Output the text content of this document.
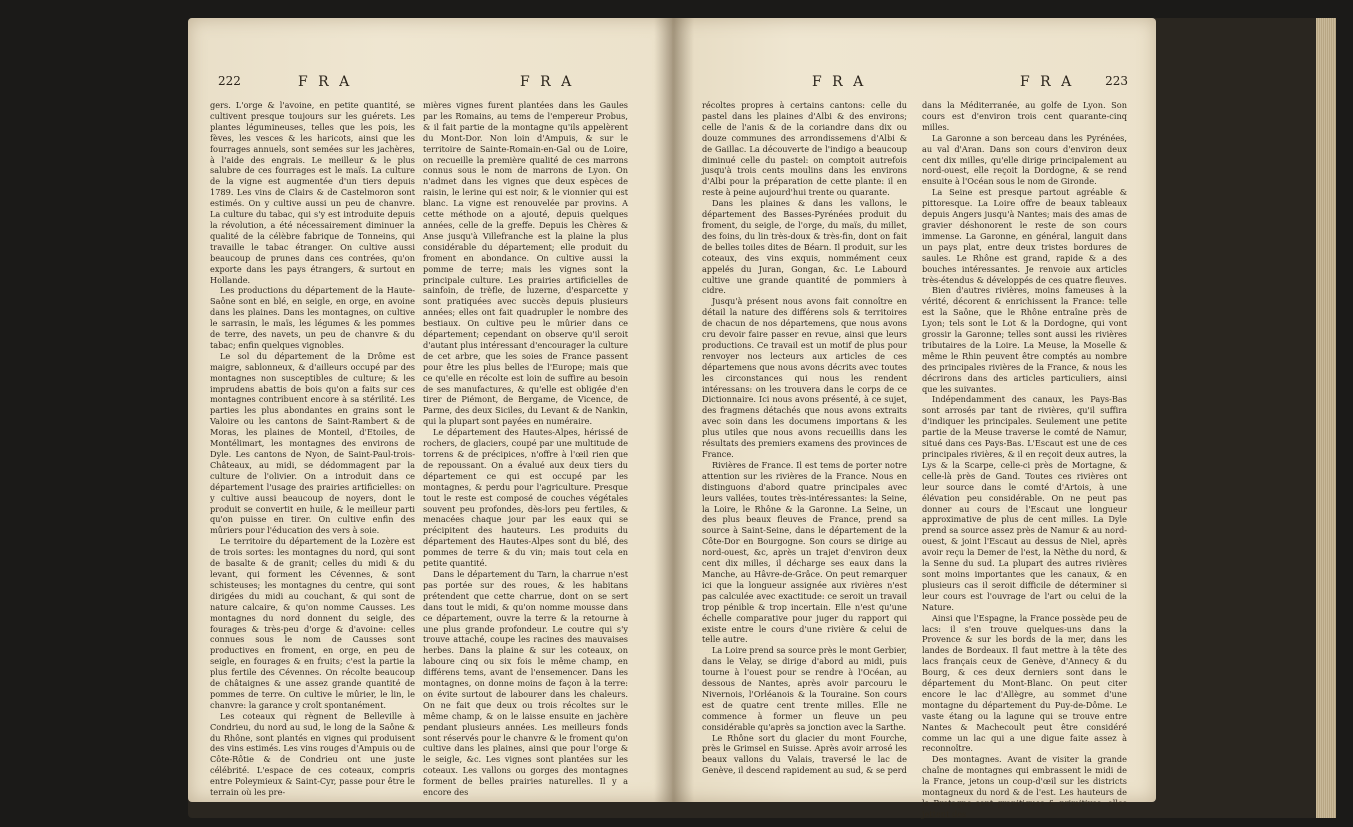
222	F R A	F R A

gers. L'orge & l'avoine, en petite quantité, se cultivent presque toujours sur les guérets. Les plantes légumineuses, telles que les pois, les fèves, les vesces & les haricots, ainsi que les fourrages annuels, sont semées sur les jachères, à l'aide des engrais. Le meilleur & le plus salubre de ces fourrages est le maïs. La culture de la vigne est augmentée d'un tiers depuis 1789. Les vins de Clairs & de Castelmoron sont estimés. On y cultive aussi un peu de chanvre. La culture du tabac, qui s'y est introduite depuis la révolution, a été nécessairement diminuer la qualité de la célèbre fabrique de Tonneins, qui travaille le tabac étranger. On cultive aussi beaucoup de prunes dans ces contrées, qu'on exporte dans les pays étrangers, & surtout en Hollande.

Les productions du département de la Haute-Saône sont en blé, en seigle, en orge, en avoine dans les plaines. Dans les montagnes, on cultive le sarrasin, le maïs, les légumes & les pommes de terre, des navets, un peu de chanvre & du tabac; enfin quelques vignobles.

Le sol du département de la Drôme est maigre, sablonneux, & d'ailleurs occupé par des montagnes non susceptibles de culture; & les imprudens abattis de bois qu'on a faits sur ces montagnes contribuent encore à sa stérilité. Les parties les plus abondantes en grains sont le Valoire ou les cantons de Saint-Rambert & de Moras, les plaines de Monteil, d'Etoiles, de Montélimart, les montagnes des environs de Dyle. Les cantons de Nyon, de Saint-Paul-trois-Châteaux, au midi, se dédommagent par la culture de l'olivier. On a introduit dans ce département l'usage des prairies artificielles: on y cultive aussi beaucoup de noyers, dont le produit se convertit en huile, & le meilleur parti qu'on puisse en tirer. On cultive enfin des mûriers pour l'éducation des vers à soie.

Le territoire du département de la Lozère est de trois sortes: les montagnes du nord, qui sont de basalte & de granit; celles du midi & du levant, qui forment les Cévennes, & sont schisteuses; les montagnes du centre, qui sont dirigées du midi au couchant, & qui sont de nature calcaire, & qu'on nomme Causses. Les montagnes du nord donnent du seigle, des fourages & très-peu d'orge & d'avoine: celles connues sous le nom de Causses sont productives en froment, en orge, en peu de seigle, en fourages & en fruits; c'est la partie la plus fertile des Cévennes. On récolte beaucoup de châtaignes & une assez grande quantité de pommes de terre. On cultive le mûrier, le lin, le chanvre: la garance y croît spontanément.

Les coteaux qui règnent de Belleville à Condrieu, du nord au sud, le long de la Saône & du Rhône, sont plantés en vignes qui produisent des vins estimés. Les vins rouges d'Ampuis ou de Côte-Rôtie & de Condrieu ont une juste célébrité. L'espace de ces coteaux, compris entre Poleymieux & Saint-Cyr, passe pour être le terrain où les pre-

mières vignes furent plantées dans les Gaules par les Romains, au tems de l'empereur Probus, & il fait partie de la montagne qu'ils appelèrent du Mont-Dor. Non loin d'Ampuis, & sur le territoire de Sainte-Romain-en-Gal ou de Loire, on recueille la première qualité de ces marrons connus sous le nom de marrons de Lyon. On n'admet dans les vignes que deux espèces de raisin, le lerine qui est noir, & le vionnier qui est blanc. La vigne est renouvelée par provins. A cette méthode on a ajouté, depuis quelques années, celle de la greffe. Depuis les Chères & Anse jusqu'à Villefranche est la plaine la plus considérable du département; elle produit du froment en abondance. On cultive aussi la pomme de terre; mais les vignes sont la principale culture. Les prairies artificielles de sainfoin, de trèfle, de luzerne, d'esparcette y sont pratiquées avec succès depuis plusieurs années; elles ont fait quadrupler le nombre des bestiaux. On cultive peu le mûrier dans ce département; cependant on observe qu'il seroit d'autant plus intéressant d'encourager la culture de cet arbre, que les soies de France passent pour être les plus belles de l'Europe; mais que ce qu'elle en récolte est loin de suffire au besoin de ses manufactures, & qu'elle est obligée d'en tirer de Piémont, de Bergame, de Vicence, de Parme, des deux Siciles, du Levant & de Nankin, qui la plupart sont payées en numéraire.

Le département des Hautes-Alpes, hérissé de rochers, de glaciers, coupé par une multitude de torrens & de précipices, n'offre à l'œil rien que de repoussant. On a évalué aux deux tiers du département ce qui est occupé par les montagnes, & perdu pour l'agriculture. Presque tout le reste est composé de couches végétales souvent peu profondes, dès-lors peu fertiles, & menacées chaque jour par les eaux qui se précipitent des hauteurs. Les produits du département des Hautes-Alpes sont du blé, des pommes de terre & du vin; mais tout cela en petite quantité.

Dans le département du Tarn, la charrue n'est pas portée sur des roues, & les habitans prétendent que cette charrue, dont on se sert dans tout le midi, & qu'on nomme mousse dans ce département, ouvre la terre & la retourne à une plus grande profondeur. Le coutre qui s'y trouve attaché, coupe les racines des mauvaises herbes. Dans la plaine & sur les coteaux, on laboure cinq ou six fois le même champ, en différens tems, avant de l'ensemencer. Dans les montagnes, on donne moins de façon à la terre: on évite surtout de labourer dans les chaleurs. On ne fait que deux ou trois récoltes sur le même champ, & on le laisse ensuite en jachère pendant plusieurs années. Les meilleurs fonds sont réservés pour le chanvre & le froment qu'on cultive dans les plaines, ainsi que pour l'orge & le seigle, &c. Les vignes sont plantées sur les coteaux. Les vallons ou gorges des montagnes forment de belles prairies naturelles. Il y a encore des

F R A	F R A	223

récoltes propres à certains cantons: celle du pastel dans les plaines d'Albi & des environs; celle de l'anis & de la coriandre dans dix ou douze communes des arrondissemens d'Albi & de Gaillac. La découverte de l'indigo a beaucoup diminué celle du pastel: on comptoit autrefois jusqu'à trois cents moulins dans les environs d'Albi pour la préparation de cette plante: il en reste à peine aujourd'hui trente ou quarante.

Dans les plaines & dans les vallons, le département des Basses-Pyrénées produit du froment, du seigle, de l'orge, du maïs, du millet, des foins, du lin très-doux & très-fin, dont on fait de belles toiles dites de Béarn. Il produit, sur les coteaux, des vins exquis, nommément ceux appelés du Juran, Gongan, &c. Le Labourd cultive une grande quantité de pommiers à cidre.

Jusqu'à présent nous avons fait connoître en détail la nature des différens sols & territoires de chacun de nos départemens, que nous avons cru devoir faire passer en revue, ainsi que leurs productions. Ce travail est un motif de plus pour renvoyer nos lecteurs aux articles de ces départemens que nous avons décrits avec toutes les circonstances qui nous les rendent intéressans: on les trouvera dans le corps de ce Dictionnaire. Ici nous avons présenté, à ce sujet, des fragmens détachés que nous avons extraits avec soin dans les documens importans & les plus utiles que nous avons recueillis dans les résultats des premiers examens des provinces de France.

Rivières de France. Il est tems de porter notre attention sur les rivières de la France. Nous en distinguons d'abord quatre principales avec leurs vallées, toutes très-intéressantes: la Seine, la Loire, le Rhône & la Garonne. La Seine, un des plus beaux fleuves de France, prend sa source à Saint-Seine, dans le département de la Côte-Dor en Bourgogne. Son cours se dirige au nord-ouest, &c, après un trajet d'environ deux cent dix milles, il décharge ses eaux dans la Manche, au Hâvre-de-Grâce. On peut remarquer ici que la longueur assignée aux rivières n'est pas calculée avec exactitude: ce seroit un travail trop pénible & trop incertain. Elle n'est qu'une échelle comparative pour juger du rapport qui existe entre le cours d'une rivière & celui de telle autre.

La Loire prend sa source près le mont Gerbier, dans le Velay, se dirige d'abord au midi, puis tourne à l'ouest pour se rendre à l'Océan, au dessous de Nantes, après avoir parcouru le Nivernois, l'Orléanois & la Touraine. Son cours est de quatre cent trente milles. Elle ne commence à former un fleuve un peu considérable qu'après sa jonction avec la Sarthe.

Le Rhône sort du glacier du mont Fourche, près le Grimsel en Suisse. Après avoir arrosé les beaux vallons du Valais, traversé le lac de Genève, il descend rapidement au sud, & se perd

dans la Méditerranée, au golfe de Lyon. Son cours est d'environ trois cent quarante-cinq milles.

La Garonne a son berceau dans les Pyrénées, au val d'Aran. Dans son cours d'environ deux cent dix milles, qu'elle dirige principalement au nord-ouest, elle reçoit la Dordogne, & se rend ensuite à l'Océan sous le nom de Gironde.

La Seine est presque partout agréable & pittoresque. La Loire offre de beaux tableaux depuis Angers jusqu'à Nantes; mais des amas de gravier déshonorent le reste de son cours immense. La Garonne, en général, languit dans un pays plat, entre deux tristes bordures de saules. Le Rhône est grand, rapide & a des bouches intéressantes. Je renvoie aux articles très-étendus & développés de ces quatre fleuves.

Bien d'autres rivières, moins fameuses à la vérité, décorent & enrichissent la France: telle est la Saône, que le Rhône entraîne près de Lyon; tels sont le Lot & la Dordogne, qui vont grossir la Garonne; telles sont aussi les rivières tributaires de la Loire. La Meuse, la Moselle & même le Rhin peuvent être comptés au nombre des principales rivières de la France, & nous les décrirons dans des articles particuliers, ainsi que les suivantes.

Indépendamment des canaux, les Pays-Bas sont arrosés par tant de rivières, qu'il suffira d'indiquer les principales. Seulement une petite partie de la Meuse traverse le comté de Namur, situé dans ces Pays-Bas. L'Escaut est une de ces principales rivières, & il en reçoit deux autres, la Lys & la Scarpe, celle-ci près de Mortagne, & celle-là près de Gand. Toutes ces rivières ont leur source dans le comté d'Artois, à une élévation peu considérable. On ne peut pas donner au cours de l'Escaut une longueur approximative de plus de cent milles. La Dyle prend sa source assez près de Namur & au nord-ouest, & joint l'Escaut au dessus de Niel, après avoir reçu la Demer de l'est, la Nèthe du nord, & la Senne du sud. La plupart des autres rivières sont moins importantes que les canaux, & en plusieurs cas il seroit difficile de déterminer si leur cours est l'ouvrage de l'art ou celui de la Nature.

Ainsi que l'Espagne, la France possède peu de lacs: il s'en trouve quelques-uns dans la Provence & sur les bords de la mer, dans les landes de Bordeaux. Il faut mettre à la tête des lacs français ceux de Genève, d'Annecy & du Bourg, & ces deux derniers sont dans le département du Mont-Blanc. On peut citer encore le lac d'Allègre, au sommet d'une montagne du département du Puy-de-Dôme. Le vaste étang ou la lagune qui se trouve entre Nantes & Machecoult peut être considéré comme un lac qui a une digue faite assez à reconnoître.

Des montagnes. Avant de visiter la grande chaîne de montagnes qui embrassent le midi de la France, jetons un coup-d'œil sur les districts montagneux du nord & de l'est. Les hauteurs de la Bretagne sont granitiques & primitives; elles jettent des
